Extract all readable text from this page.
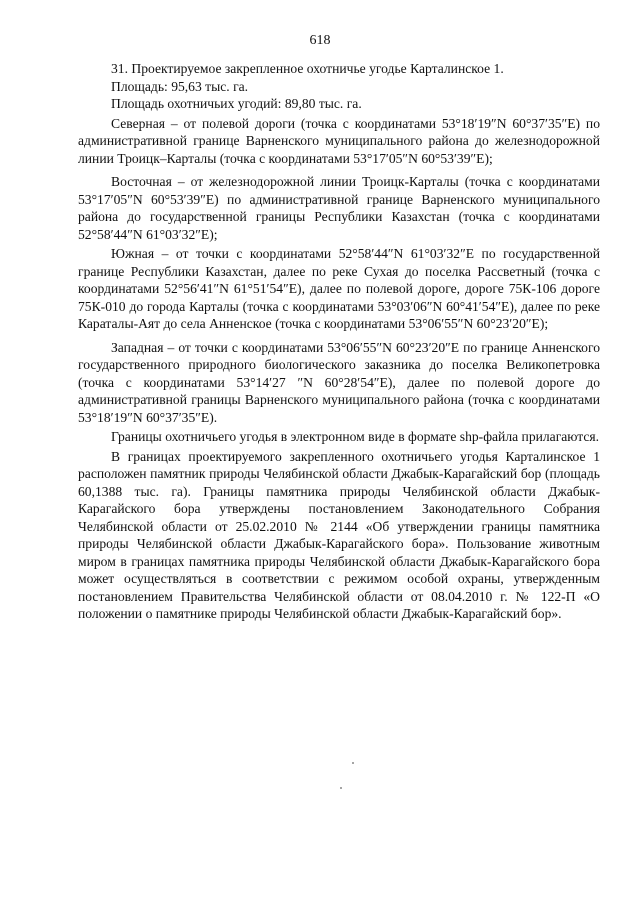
618

31. Проектируемое закрепленное охотничье угодье Карталинское 1.

Площадь: 95,63 тыс. га.

Площадь охотничьих угодий: 89,80 тыс. га.

Северная – от полевой дороги (точка с координатами 53°18′19″N 60°37′35″E) по административной границе Варненского муниципального района до железнодорожной линии Троицк–Карталы (точка с координатами 53°17′05″N 60°53′39″E);

Восточная – от железнодорожной линии Троицк-Карталы (точка с координатами 53°17′05″N 60°53′39″E) по административной границе Варненского муниципального района до государственной границы Республики Казахстан (точка с координатами 52°58′44″N 61°03′32″E);

Южная – от точки с координатами 52°58′44″N 61°03′32″E по государственной границе Республики Казахстан, далее по реке Сухая до поселка Рассветный (точка с координатами 52°56′41″N 61°51′54″E), далее по полевой дороге, дороге 75К-106 дороге 75К-010 до города Карталы (точка с координатами 53°03′06″N 60°41′54″E), далее по реке Караталы-Аят до села Анненское (точка с координатами 53°06′55″N 60°23′20″E);

Западная – от точки с координатами 53°06′55″N 60°23′20″E по границе Анненского государственного природного биологического заказника до поселка Великопетровка (точка с координатами 53°14′27 ″N 60°28′54″E), далее по полевой дороге до административной границы Варненского муниципального района (точка с координатами 53°18′19″N 60°37′35″E).

Границы охотничьего угодья в электронном виде в формате shp-файла прилагаются.

В границах проектируемого закрепленного охотничьего угодья Карталинское 1 расположен памятник природы Челябинской области Джабык-Карагайский бор (площадь 60,1388 тыс. га). Границы памятника природы Челябинской области Джабык-Карагайского бора утверждены постановлением Законодательного Собрания Челябинской области от 25.02.2010 № 2144 «Об утверждении границы памятника природы Челябинской области Джабык-Карагайского бора». Пользование животным миром в границах памятника природы Челябинской области Джабык-Карагайского бора может осуществляться в соответствии с режимом особой охраны, утвержденным постановлением Правительства Челябинской области от 08.04.2010 г. № 122-П «О положении о памятнике природы Челябинской области Джабык-Карагайский бор».
